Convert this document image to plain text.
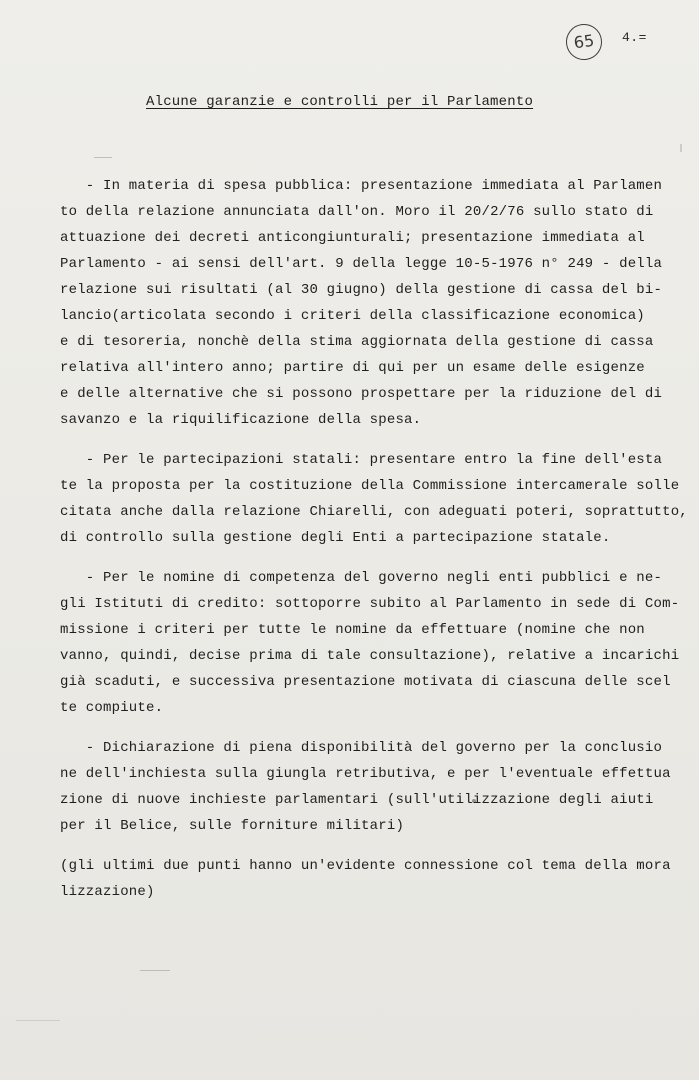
65	4.=
Alcune garanzie e controlli per il Parlamento
- In materia di spesa pubblica: presentazione immediata al Parlamen
to della relazione annunciata dall'on. Moro il 20/2/76 sullo stato di
attuazione dei decreti anticongiunturali; presentazione immediata al
Parlamento - ai sensi dell'art. 9 della legge 10-5-1976 n° 249 - della
relazione sui risultati (al 30 giugno) della gestione di cassa del bi-
lancio(articolata secondo i criteri della classificazione economica)
e di tesoreria, nonchè della stima aggiornata della gestione di cassa
relativa all'intero anno; partire di qui per un esame delle esigenze
e delle alternative che si possono prospettare per la riduzione del di
savanzo e la riquilificazione della spesa.
- Per le partecipazioni statali: presentare entro la fine dell'esta
te la proposta per la costituzione della Commissione intercamerale solle
citata anche dalla relazione Chiarelli, con adeguati poteri, soprattutto,
di controllo sulla gestione degli Enti a partecipazione statale.
- Per le nomine di competenza del governo negli enti pubblici e ne-
gli Istituti di credito: sottoporre subito al Parlamento in sede di Com-
missione i criteri per tutte le nomine da effettuare (nomine che non
vanno, quindi, decise prima di tale consultazione), relative a incarichi
già scaduti, e successiva presentazione motivata di ciascuna delle scel
te compiute.
- Dichiarazione di piena disponibilità del governo per la conclusio
ne dell'inchiesta sulla giungla retributiva, e per l'eventuale effettua
zione di nuove inchieste parlamentari (sull'utilizzazione degli aiuti
per il Belice, sulle forniture militari)
(gli ultimi due punti hanno un'evidente connessione col tema della mora
lizzazione)
